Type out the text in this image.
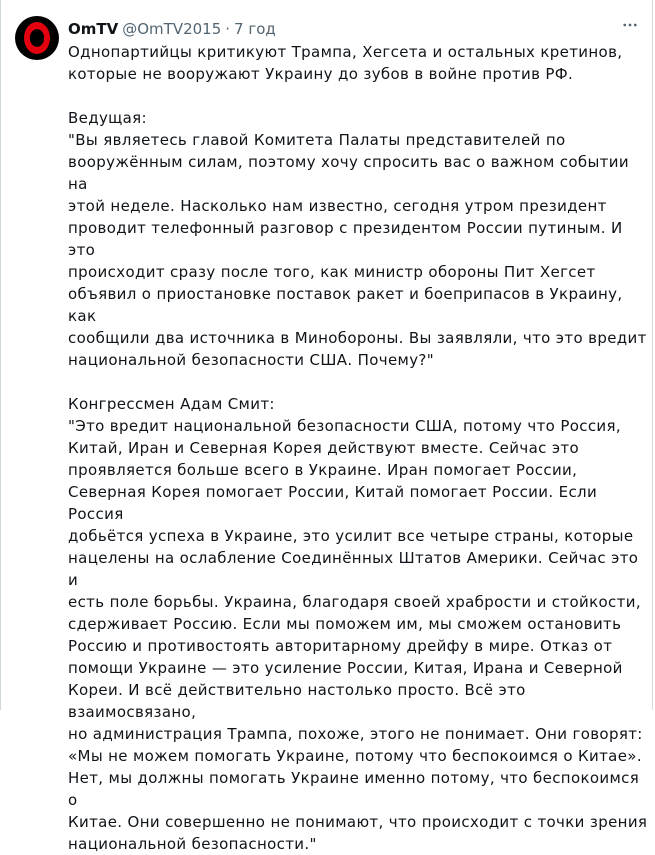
OmTV @OmTV2015 · 7 год

Однопартийцы критикуют Трампа, Хегсета и остальных кретинов,
которые не вооружают Украину до зубов в войне против РФ.

Ведущая:
"Вы являетесь главой Комитета Палаты представителей по
вооружённым силам, поэтому хочу спросить вас о важном событии на
этой неделе. Насколько нам известно, сегодня утром президент
проводит телефонный разговор с президентом России путиным. И это
происходит сразу после того, как министр обороны Пит Хегсет
объявил о приостановке поставок ракет и боеприпасов в Украину, как
сообщили два источника в Минобороны. Вы заявляли, что это вредит
национальной безопасности США. Почему?"

Конгрессмен Адам Смит:
"Это вредит национальной безопасности США, потому что Россия,
Китай, Иран и Северная Корея действуют вместе. Сейчас это
проявляется больше всего в Украине. Иран помогает России,
Северная Корея помогает России, Китай помогает России. Если Россия
добьётся успеха в Украине, это усилит все четыре страны, которые
нацелены на ослабление Соединённых Штатов Америки. Сейчас это и
есть поле борьбы. Украина, благодаря своей храбрости и стойкости,
сдерживает Россию. Если мы поможем им, мы сможем остановить
Россию и противостоять авторитарному дрейфу в мире. Отказ от
помощи Украине — это усиление России, Китая, Ирана и Северной
Кореи. И всё действительно настолько просто. Всё это взаимосвязано,
но администрация Трампа, похоже, этого не понимает. Они говорят:
«Мы не можем помогать Украине, потому что беспокоимся о Китае».
Нет, мы должны помогать Украине именно потому, что беспокоимся о
Китае. Они совершенно не понимают, что происходит с точки зрения
национальной безопасности."
